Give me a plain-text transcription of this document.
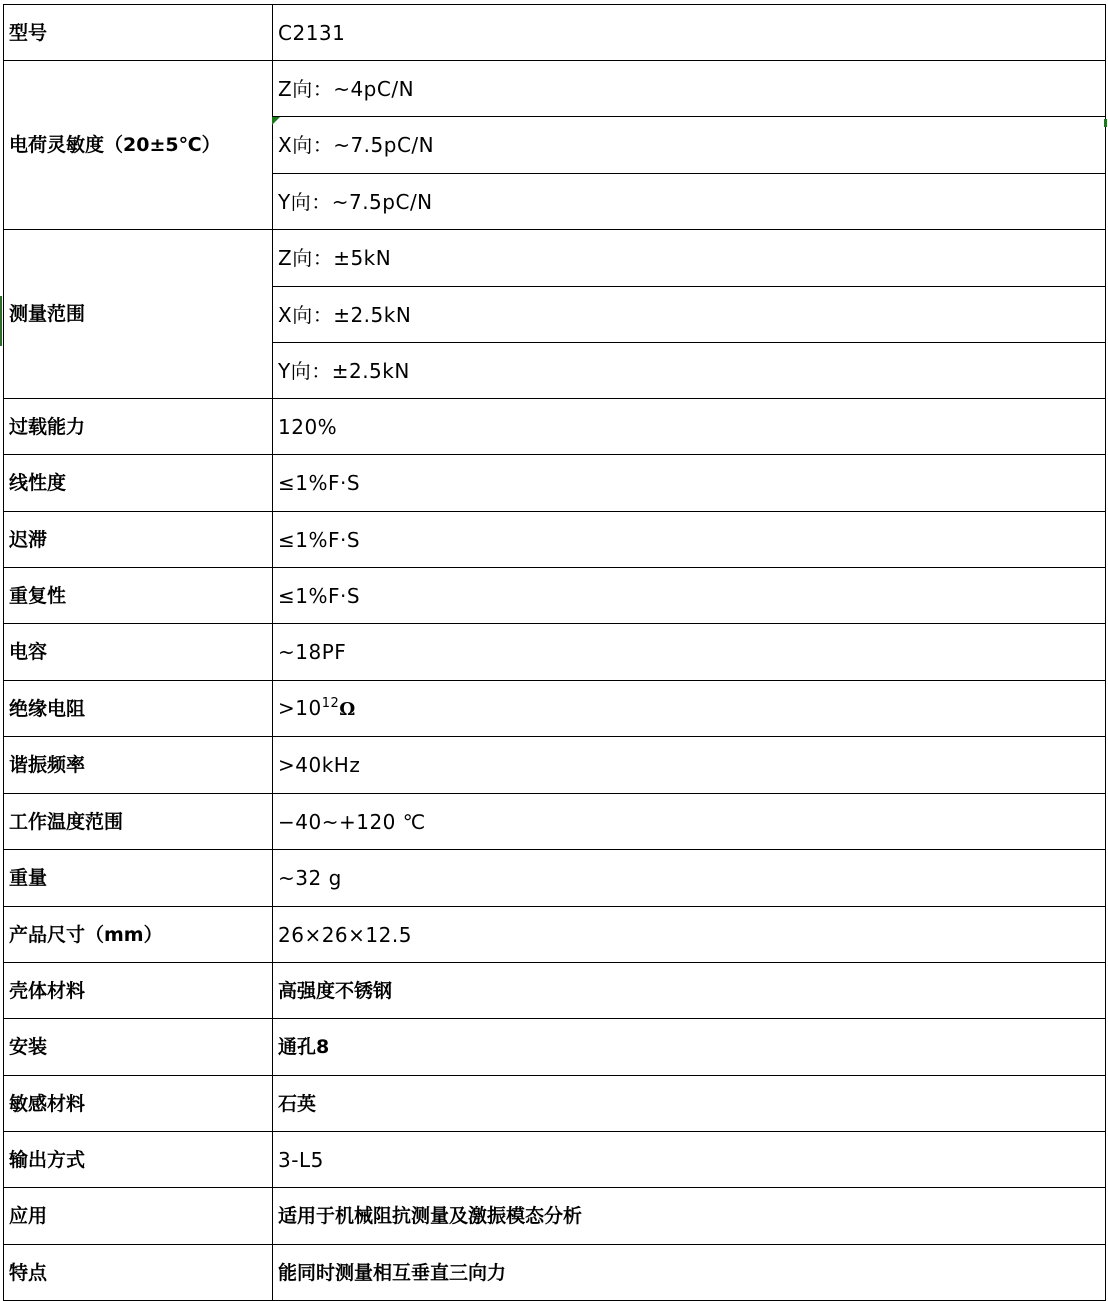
型号	C2131
电荷灵敏度（20±5℃）	Z向：~4pC/N
	X向：~7.5pC/N
	Y向：~7.5pC/N
测量范围	Z向：±5kN
	X向：±2.5kN
	Y向：±2.5kN
过载能力	120%
线性度	≤1%F·S
迟滞	≤1%F·S
重复性	≤1%F·S
电容	~18PF
绝缘电阻	$>10^{12}\Omega$
谐振频率	>40kHz
工作温度范围	−40~+120 ℃
重量	~32 g
产品尺寸（mm）	26×26×12.5
壳体材料	高强度不锈钢
安装	通孔8
敏感材料	石英
输出方式	3-L5
应用	适用于机械阻抗测量及激振模态分析
特点	能同时测量相互垂直三向力
